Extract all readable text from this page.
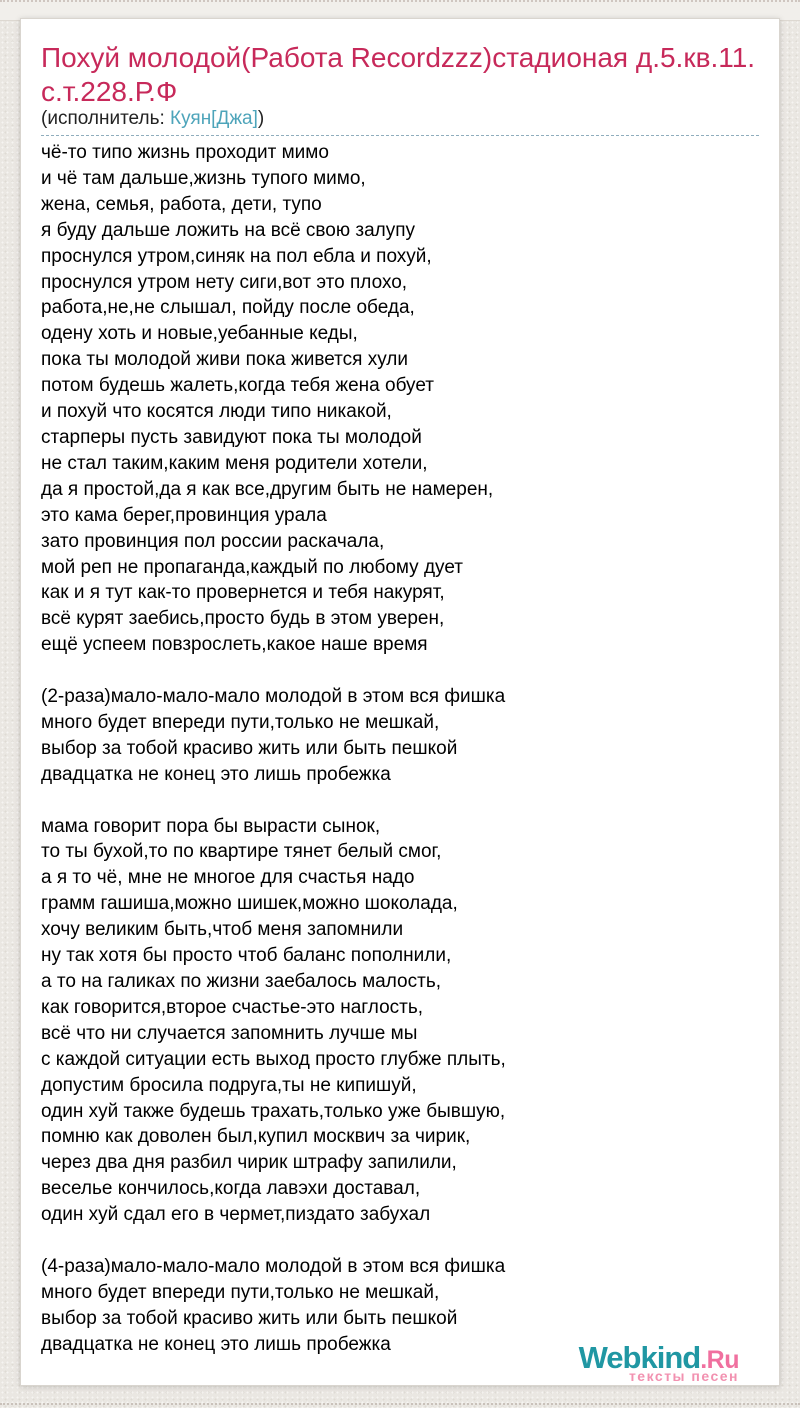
Похуй молодой(Работа Recordzzz)стадионая д.5.кв.11. с.т.228.Р.Ф
(исполнитель: Куян[Джа])
чё-то типо жизнь проходит мимо
и чё там дальше,жизнь тупого мимо,
жена, семья, работа, дети, тупо
я буду дальше ложить на всё свою залупу
проснулся утром,синяк на пол ебла и похуй,
проснулся утром нету сиги,вот это плохо,
работа,не,не слышал, пойду после обеда,
одену хоть и новые,уебанные кеды,
пока ты молодой живи пока живется хули
потом будешь жалеть,когда тебя жена обует
и похуй что косятся люди типо никакой,
старперы пусть завидуют пока ты молодой
не стал таким,каким меня родители хотели,
да я простой,да я как все,другим быть не намерен,
это кама берег,провинция урала
зато провинция пол россии раскачала,
мой реп не пропаганда,каждый по любому дует
как и я тут как-то провернется и тебя накурят,
всё курят заебись,просто будь в этом уверен,
ещё успеем повзрослеть,какое наше время
(2-раза)мало-мало-мало молодой в этом вся фишка
много будет впереди пути,только не мешкай,
выбор за тобой красиво жить или быть пешкой
двадцатка не конец это лишь пробежка
мама говорит пора бы вырасти сынок,
то ты бухой,то по квартире тянет белый смог,
а я то чё, мне не многое для счастья надо
грамм гашиша,можно шишек,можно шоколада,
хочу великим быть,чтоб меня запомнили
ну так хотя бы просто чтоб баланс пополнили,
а то на галиках по жизни заебалось малость,
как говорится,второе счастье-это наглость,
всё что ни случается запомнить лучше мы
с каждой ситуации есть выход просто глубже плыть,
допустим бросила подруга,ты не кипишуй,
один хуй также будешь трахать,только уже бывшую,
помню как доволен был,купил москвич за чирик,
через два дня разбил чирик штрафу запилили,
веселье кончилось,когда лавэхи доставал,
один хуй сдал его в чермет,пиздато забухал
(4-раза)мало-мало-мало молодой в этом вся фишка
много будет впереди пути,только не мешкай,
выбор за тобой красиво жить или быть пешкой
двадцатка не конец это лишь пробежка	Webkind.Ru
тексты песен
